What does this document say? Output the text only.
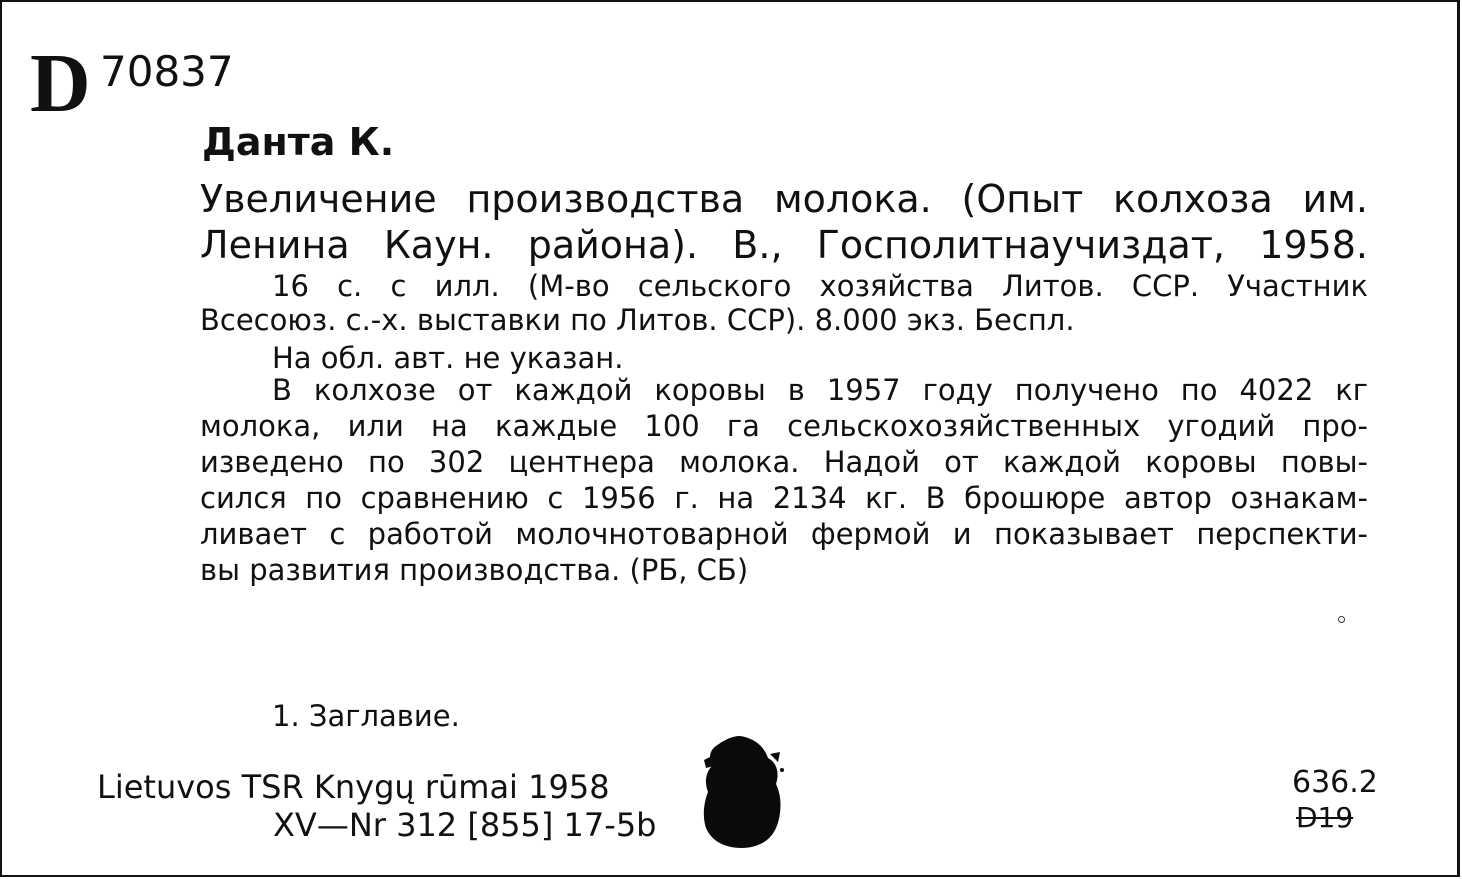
D 70837
Данта К.
Увеличение производства молока. (Опыт колхоза им.
Ленина Каун. района). В., Госполитнаучиздат, 1958.
16 с. с илл. (М-во сельского хозяйства Литов. ССР. Участник
Всесоюз. с.-х. выставки по Литов. ССР). 8.000 экз. Беспл.
На обл. авт. не указан.
В колхозе от каждой коровы в 1957 году получено по 4022 кг
молока, или на каждые 100 га сельскохозяйственных угодий про-
изведено по 302 центнера молока. Надой от каждой коровы повы-
сился по сравнению с 1956 г. на 2134 кг. В брошюре автор ознакам-
ливает с работой молочнотоварной фермой и показывает перспекти-
вы развития производства. (РБ, СБ)
1. Заглавие.
Lietuvos TSR Knygų rūmai 1958
XV—Nr 312 [855] 17-5b
636.2
D19
